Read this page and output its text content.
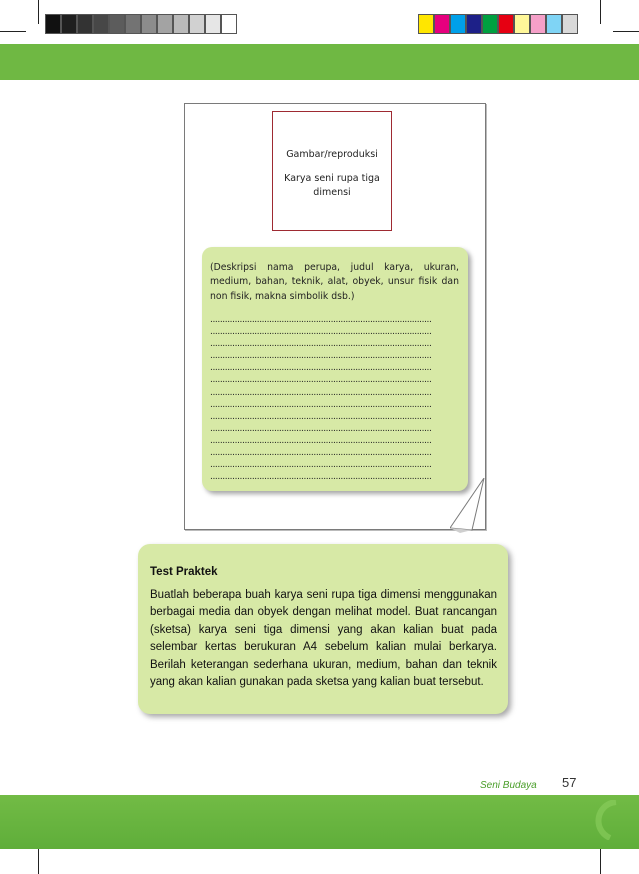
Gambar/reproduksi
Karya seni rupa tiga dimensi
(Deskripsi nama perupa, judul karya, ukuran, medium, bahan, teknik, alat, obyek, unsur fisik dan non fisik, makna simbolik dsb.)
..........................................................................................
..........................................................................................
..........................................................................................
..........................................................................................
..........................................................................................
..........................................................................................
..........................................................................................
..........................................................................................
..........................................................................................
..........................................................................................
..........................................................................................
..........................................................................................
..........................................................................................
..........................................................................................
Test Praktek
Buatlah beberapa buah karya seni rupa tiga dimensi menggunakan berbagai media dan obyek dengan melihat model. Buat rancangan (sketsa) karya seni tiga dimensi yang akan kalian buat pada selembar kertas berukuran A4 sebelum kalian mulai berkarya. Berilah keterangan sederhana ukuran, medium, bahan dan teknik yang akan kalian gunakan pada sketsa yang kalian buat tersebut.
Seni Budaya 57
